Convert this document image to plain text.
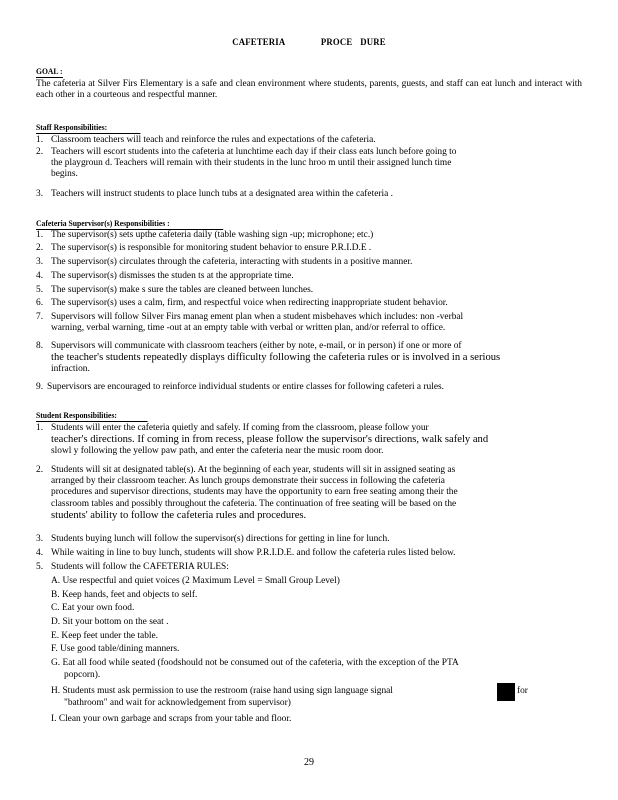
CAFETERIA	PROCE DURE
GOAL :
The cafeteria at Silver Firs Elementary is a safe and clean environment where students, parents, guests, and staff can eat lunch and interact with each other in a courteous and respectful manner.
Staff Responsibilities:
1. Classroom teachers will teach and reinforce the rules and expectations of the cafeteria.
2. Teachers will escort students into the cafeteria at lunchtime each day if their class eats lunch before going to
the playgroun d. Teachers will remain with their students in the lunc hroo m until their assigned lunch time
begins.
3. Teachers will instruct students to place lunch tubs at a designated area within the cafeteria .
Cafeteria Supervisor(s) Responsibilities :
1. The supervisor(s) sets upthe cafeteria daily (table washing sign -up; microphone; etc.)
2. The supervisor(s) is responsible for monitoring student behavior to ensure P.R.I.D.E .
3. The supervisor(s) circulates through the cafeteria, interacting with students in a positive manner.
4. The supervisor(s) dismisses the studen ts at the appropriate time.
5. The supervisor(s) make s sure the tables are cleaned between lunches.
6. The supervisor(s) uses a calm, firm, and respectful voice when redirecting inappropriate student behavior.
7. Supervisors will follow Silver Firs manag ement plan when a student misbehaves which includes: non -verbal
warning, verbal warning, time -out at an empty table with verbal or written plan, and/or referral to office.
8. Supervisors will communicate with classroom teachers (either by note, e-mail, or in person) if one or more of
the teacher's students repeatedly displays difficulty following the cafeteria rules or is involved in a serious
infraction.
9. Supervisors are encouraged to reinforce individual students or entire classes for following cafeteri a rules.
Student Responsibilities:
1. Students will enter the cafeteria quietly and safely. If coming from the classroom, please follow your
teacher's directions. If coming in from recess, please follow the supervisor's directions, walk safely and
slowl y following the yellow paw path, and enter the cafeteria near the music room door.
2. Students will sit at designated table(s). At the beginning of each year, students will sit in assigned seating as
arranged by their classroom teacher. As lunch groups demonstrate their success in following the cafeteria
procedures and supervisor directions, students may have the opportunity to earn free seating among their the
classroom tables and possibly throughout the cafeteria. The continuation of free seating will be based on the
students' ability to follow the cafeteria rules and procedures.
3. Students buying lunch will follow the supervisor(s) directions for getting in line for lunch.
4. While waiting in line to buy lunch, students will show P.R.I.D.E. and follow the cafeteria rules listed below.
5. Students will follow the CAFETERIA RULES:
A. Use respectful and quiet voices (2 Maximum Level = Small Group Level)
B. Keep hands, feet and objects to self.
C. Eat your own food.
D. Sit your bottom on the seat .
E. Keep feet under the table.
F. Use good table/dining manners.
G. Eat all food while seated (foodshould not be consumed out of the cafeteria, with the exception of the PTA
popcorn).
H. Students must ask permission to use the restroom (raise hand using sign language signal	for
"bathroom" and wait for acknowledgement from supervisor)
I. Clean your own garbage and scraps from your table and floor.
29
